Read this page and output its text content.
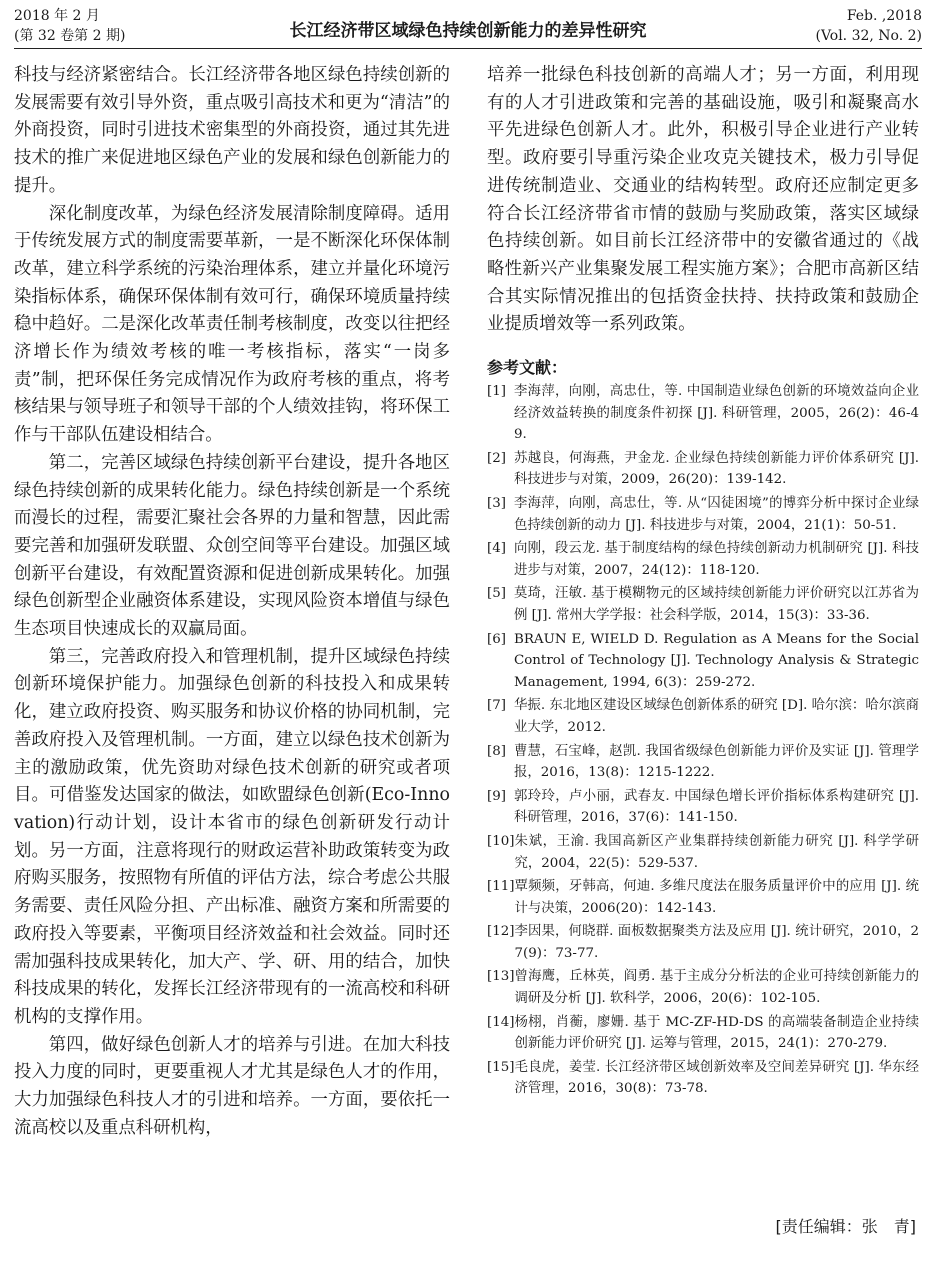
2018 年 2 月
(第 32 卷第 2 期)	长江经济带区域绿色持续创新能力的差异性研究
Feb. ,2018
(Vol. 32, No. 2)

科技与经济紧密结合。长江经济带各地区绿色持续创新的发展需要有效引导外资，重点吸引高技术和更为“清洁”的外商投资，同时引进技术密集型的外商投资，通过其先进技术的推广来促进地区绿色产业的发展和绿色创新能力的提升。

深化制度改革，为绿色经济发展清除制度障碍。适用于传统发展方式的制度需要革新，一是不断深化环保体制改革，建立科学系统的污染治理体系，建立并量化环境污染指标体系，确保环保体制有效可行，确保环境质量持续稳中趋好。二是深化改革责任制考核制度，改变以往把经济增长作为绩效考核的唯一考核指标，落实“一岗多责”制，把环保任务完成情况作为政府考核的重点，将考核结果与领导班子和领导干部的个人绩效挂钩，将环保工作与干部队伍建设相结合。

第二，完善区域绿色持续创新平台建设，提升各地区绿色持续创新的成果转化能力。绿色持续创新是一个系统而漫长的过程，需要汇聚社会各界的力量和智慧，因此需要完善和加强研发联盟、众创空间等平台建设。加强区域创新平台建设，有效配置资源和促进创新成果转化。加强绿色创新型企业融资体系建设，实现风险资本增值与绿色生态项目快速成长的双赢局面。

第三，完善政府投入和管理机制，提升区域绿色持续创新环境保护能力。加强绿色创新的科技投入和成果转化，建立政府投资、购买服务和协议价格的协同机制，完善政府投入及管理机制。一方面，建立以绿色技术创新为主的激励政策，优先资助对绿色技术创新的研究或者项目。可借鉴发达国家的做法，如欧盟绿色创新(Eco-Innovation)行动计划，设计本省市的绿色创新研发行动计划。另一方面，注意将现行的财政运营补助政策转变为政府购买服务，按照物有所值的评估方法，综合考虑公共服务需要、责任风险分担、产出标准、融资方案和所需要的政府投入等要素，平衡项目经济效益和社会效益。同时还需加强科技成果转化，加大产、学、研、用的结合，加快科技成果的转化，发挥长江经济带现有的一流高校和科研机构的支撑作用。

第四，做好绿色创新人才的培养与引进。在加大科技投入力度的同时，更要重视人才尤其是绿色人才的作用，大力加强绿色科技人才的引进和培养。一方面，要依托一流高校以及重点科研机构，

培养一批绿色科技创新的高端人才；另一方面，利用现有的人才引进政策和完善的基础设施，吸引和凝聚高水平先进绿色创新人才。此外，积极引导企业进行产业转型。政府要引导重污染企业攻克关键技术，极力引导促进传统制造业、交通业的结构转型。政府还应制定更多符合长江经济带省市情的鼓励与奖励政策，落实区域绿色持续创新。如目前长江经济带中的安徽省通过的《战略性新兴产业集聚发展工程实施方案》；合肥市高新区结合其实际情况推出的包括资金扶持、扶持政策和鼓励企业提质增效等一系列政策。

参考文献：
[1] 李海萍，向刚，高忠仕，等. 中国制造业绿色创新的环境效益向企业经济效益转换的制度条件初探 [J]. 科研管理，2005，26(2)：46-49.
[2] 苏越良，何海燕，尹金龙. 企业绿色持续创新能力评价体系研究 [J]. 科技进步与对策，2009，26(20)：139-142.
[3] 李海萍，向刚，高忠仕，等. 从“囚徒困境”的博弈分析中探讨企业绿色持续创新的动力 [J]. 科技进步与对策，2004，21(1)：50-51.
[4] 向刚，段云龙. 基于制度结构的绿色持续创新动力机制研究 [J]. 科技进步与对策，2007，24(12)：118-120.
[5] 莫琦，汪敏. 基于模糊物元的区域持续创新能力评价研究以江苏省为例 [J]. 常州大学学报：社会科学版，2014，15(3)：33-36.
[6] BRAUN E, WIELD D. Regulation as A Means for the Social Control of Technology [J]. Technology Analysis & Strategic Management, 1994, 6(3)：259-272.
[7] 华振. 东北地区建设区域绿色创新体系的研究 [D]. 哈尔滨：哈尔滨商业大学，2012.
[8] 曹慧，石宝峰，赵凯. 我国省级绿色创新能力评价及实证 [J]. 管理学报，2016，13(8)：1215-1222.
[9] 郭玲玲，卢小丽，武春友. 中国绿色增长评价指标体系构建研究 [J]. 科研管理，2016，37(6)：141-150.
[10] 朱斌，王渝. 我国高新区产业集群持续创新能力研究 [J]. 科学学研究，2004，22(5)：529-537.
[11] 覃频频，牙韩高，何迪. 多维尺度法在服务质量评价中的应用 [J]. 统计与决策，2006(20)：142-143.
[12] 李因果，何晓群. 面板数据聚类方法及应用 [J]. 统计研究，2010，27(9)：73-77.
[13] 曾海鹰，丘林英，阎勇. 基于主成分分析法的企业可持续创新能力的调研及分析 [J]. 软科学，2006，20(6)：102-105.
[14] 杨栩，肖蘅，廖姗. 基于 MC-ZF-HD-DS 的高端装备制造企业持续创新能力评价研究 [J]. 运筹与管理，2015，24(1)：270-279.
[15] 毛良虎，姜莹. 长江经济带区域创新效率及空间差异研究 [J]. 华东经济管理，2016，30(8)：73-78.
[责任编辑：张　青]
